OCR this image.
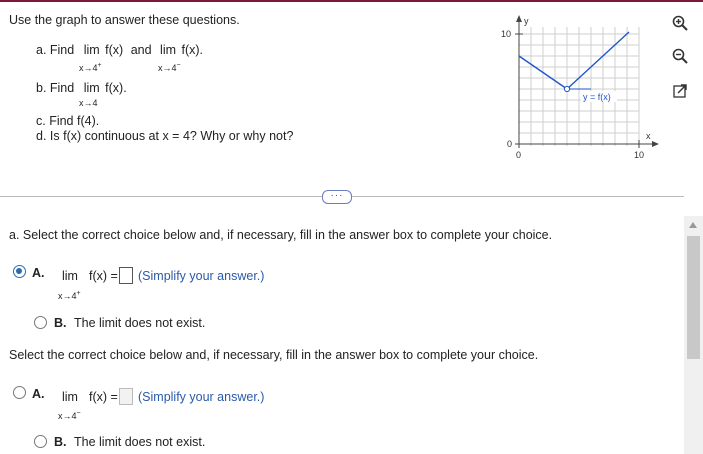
Use the graph to answer these questions.
a. Find lim f(x) and lim f(x).
x→4+	x→4−
b. Find lim f(x).
x→4
c. Find f(4).
d. Is f(x) continuous at x = 4? Why or why not?
y
x
10
0
0	10
y = f(x)
···
a. Select the correct choice below and, if necessary, fill in the answer box to complete your choice.
A. lim f(x) = (Simplify your answer.)
x→4+
B. The limit does not exist.
Select the correct choice below and, if necessary, fill in the answer box to complete your choice.
A. lim f(x) = (Simplify your answer.)
x→4−
B. The limit does not exist.
